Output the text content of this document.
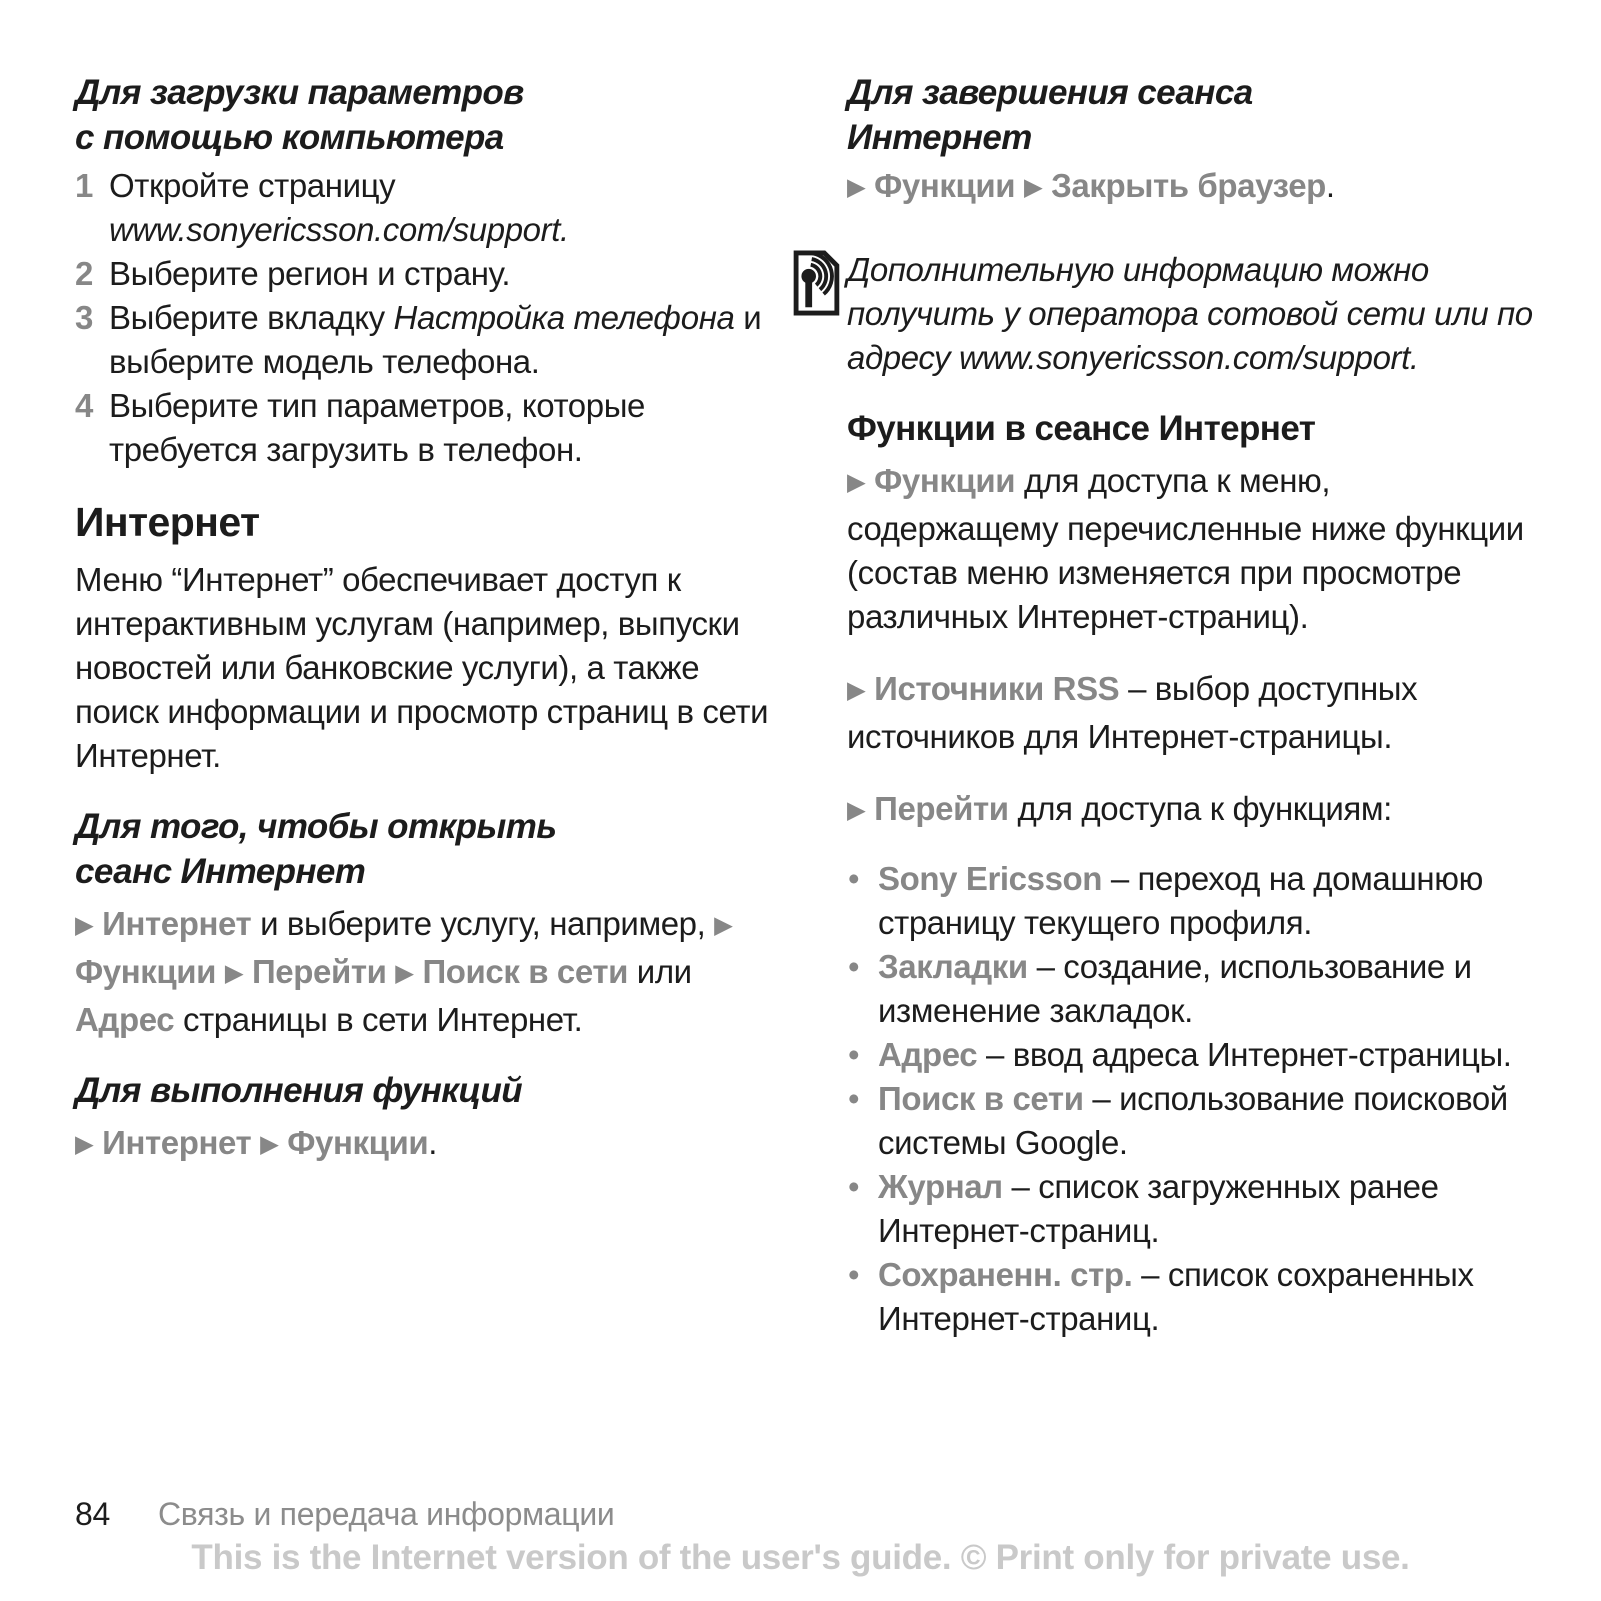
Для загрузки параметров
с помощью компьютера
1 Откройте страницу www.sonyericsson.com/support.
2 Выберите регион и страну.
3 Выберите вкладку Настройка телефона и выберите модель телефона.
4 Выберите тип параметров, которые требуется загрузить в телефон.
Интернет

Меню “Интернет” обеспечивает доступ к интерактивным услугам (например, выпуски новостей или банковские услуги), а также поиск информации и просмотр страниц в сети Интернет.

Для того, чтобы открыть
сеанс Интернет

▶ Интернет и выберите услугу, например, ▶ Функции ▶ Перейти ▶ Поиск в сети или Адрес страницы в сети Интернет.

Для выполнения функций

▶ Интернет ▶ Функции.

Для завершения сеанса
Интернет

▶ Функции ▶ Закрыть браузер.

Дополнительную информацию можно получить у оператора сотовой сети или по адресу www.sonyericsson.com/support.

Функции в сеансе Интернет

▶ Функции для доступа к меню, содержащему перечисленные ниже функции (состав меню изменяется при просмотре различных Интернет-страниц).

▶ Источники RSS – выбор доступных источников для Интернет-страницы.

▶ Перейти для доступа к функциям:

• Sony Ericsson – переход на домашнюю страницу текущего профиля.
• Закладки – создание, использование и изменение закладок.
• Адрес – ввод адреса Интернет-страницы.
• Поиск в сети – использование поисковой системы Google.
• Журнал – список загруженных ранее Интернет-страниц.
• Сохраненн. стр. – список сохраненных Интернет-страниц.
84 Связь и передача информации
This is the Internet version of the user's guide. © Print only for private use.
